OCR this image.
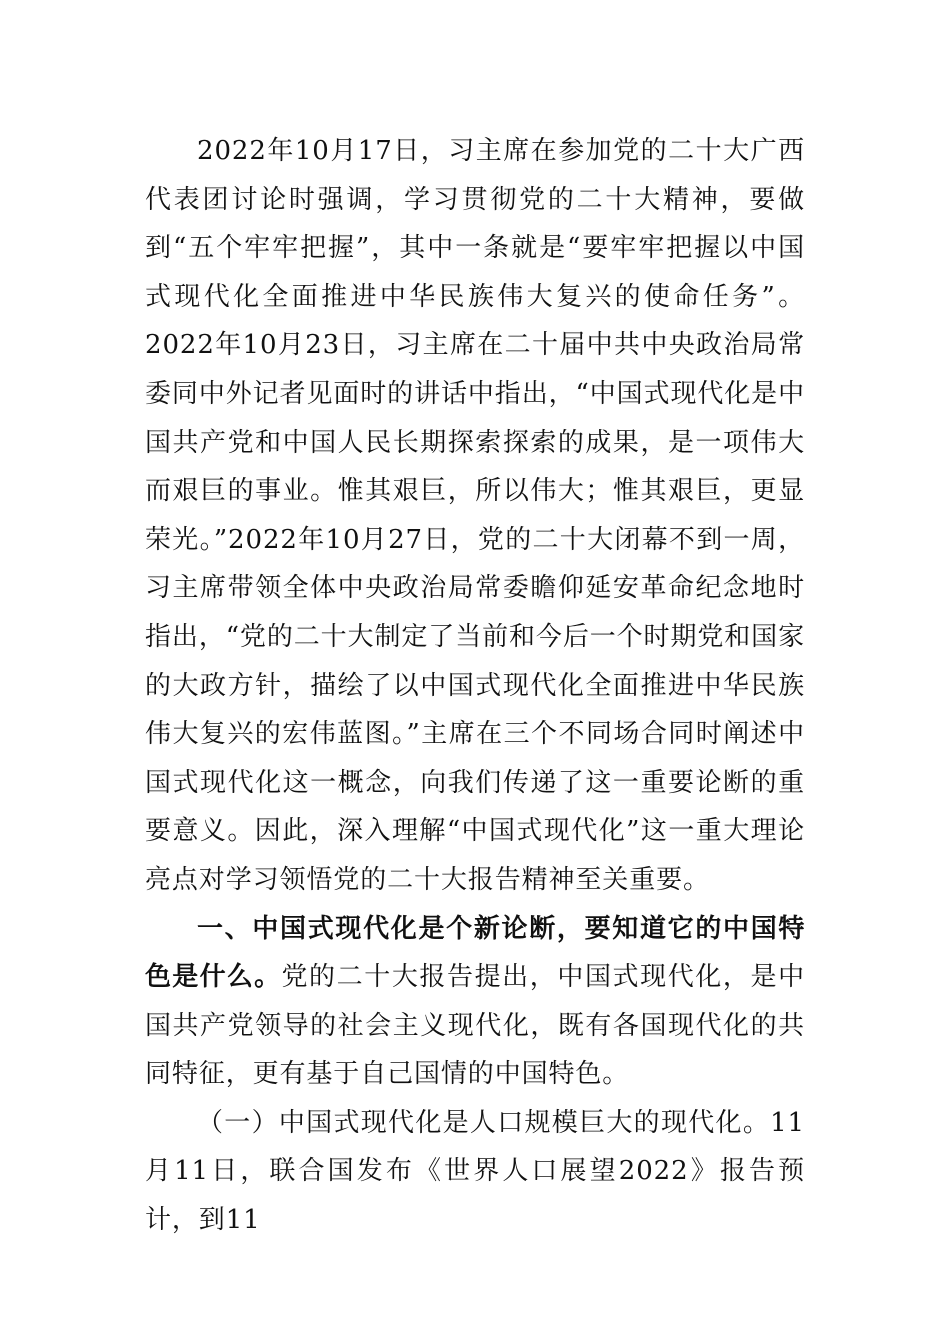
2022年10月17日，习主席在参加党的二十大广西代表团讨论时强调，学习贯彻党的二十大精神，要做到“五个牢牢把握”，其中一条就是“要牢牢把握以中国式现代化全面推进中华民族伟大复兴的使命任务”。2022年10月23日，习主席在二十届中共中央政治局常委同中外记者见面时的讲话中指出，“中国式现代化是中国共产党和中国人民长期探索探索的成果，是一项伟大而艰巨的事业。惟其艰巨，所以伟大；惟其艰巨，更显荣光。”2022年10月27日，党的二十大闭幕不到一周，习主席带领全体中央政治局常委瞻仰延安革命纪念地时指出，“党的二十大制定了当前和今后一个时期党和国家的大政方针，描绘了以中国式现代化全面推进中华民族伟大复兴的宏伟蓝图。”主席在三个不同场合同时阐述中国式现代化这一概念，向我们传递了这一重要论断的重要意义。因此，深入理解“中国式现代化”这一重大理论亮点对学习领悟党的二十大报告精神至关重要。

一、中国式现代化是个新论断，要知道它的中国特色是什么。党的二十大报告提出，中国式现代化，是中国共产党领导的社会主义现代化，既有各国现代化的共同特征，更有基于自己国情的中国特色。

（一）中国式现代化是人口规模巨大的现代化。11月11日，联合国发布《世界人口展望2022》报告预计，到11
